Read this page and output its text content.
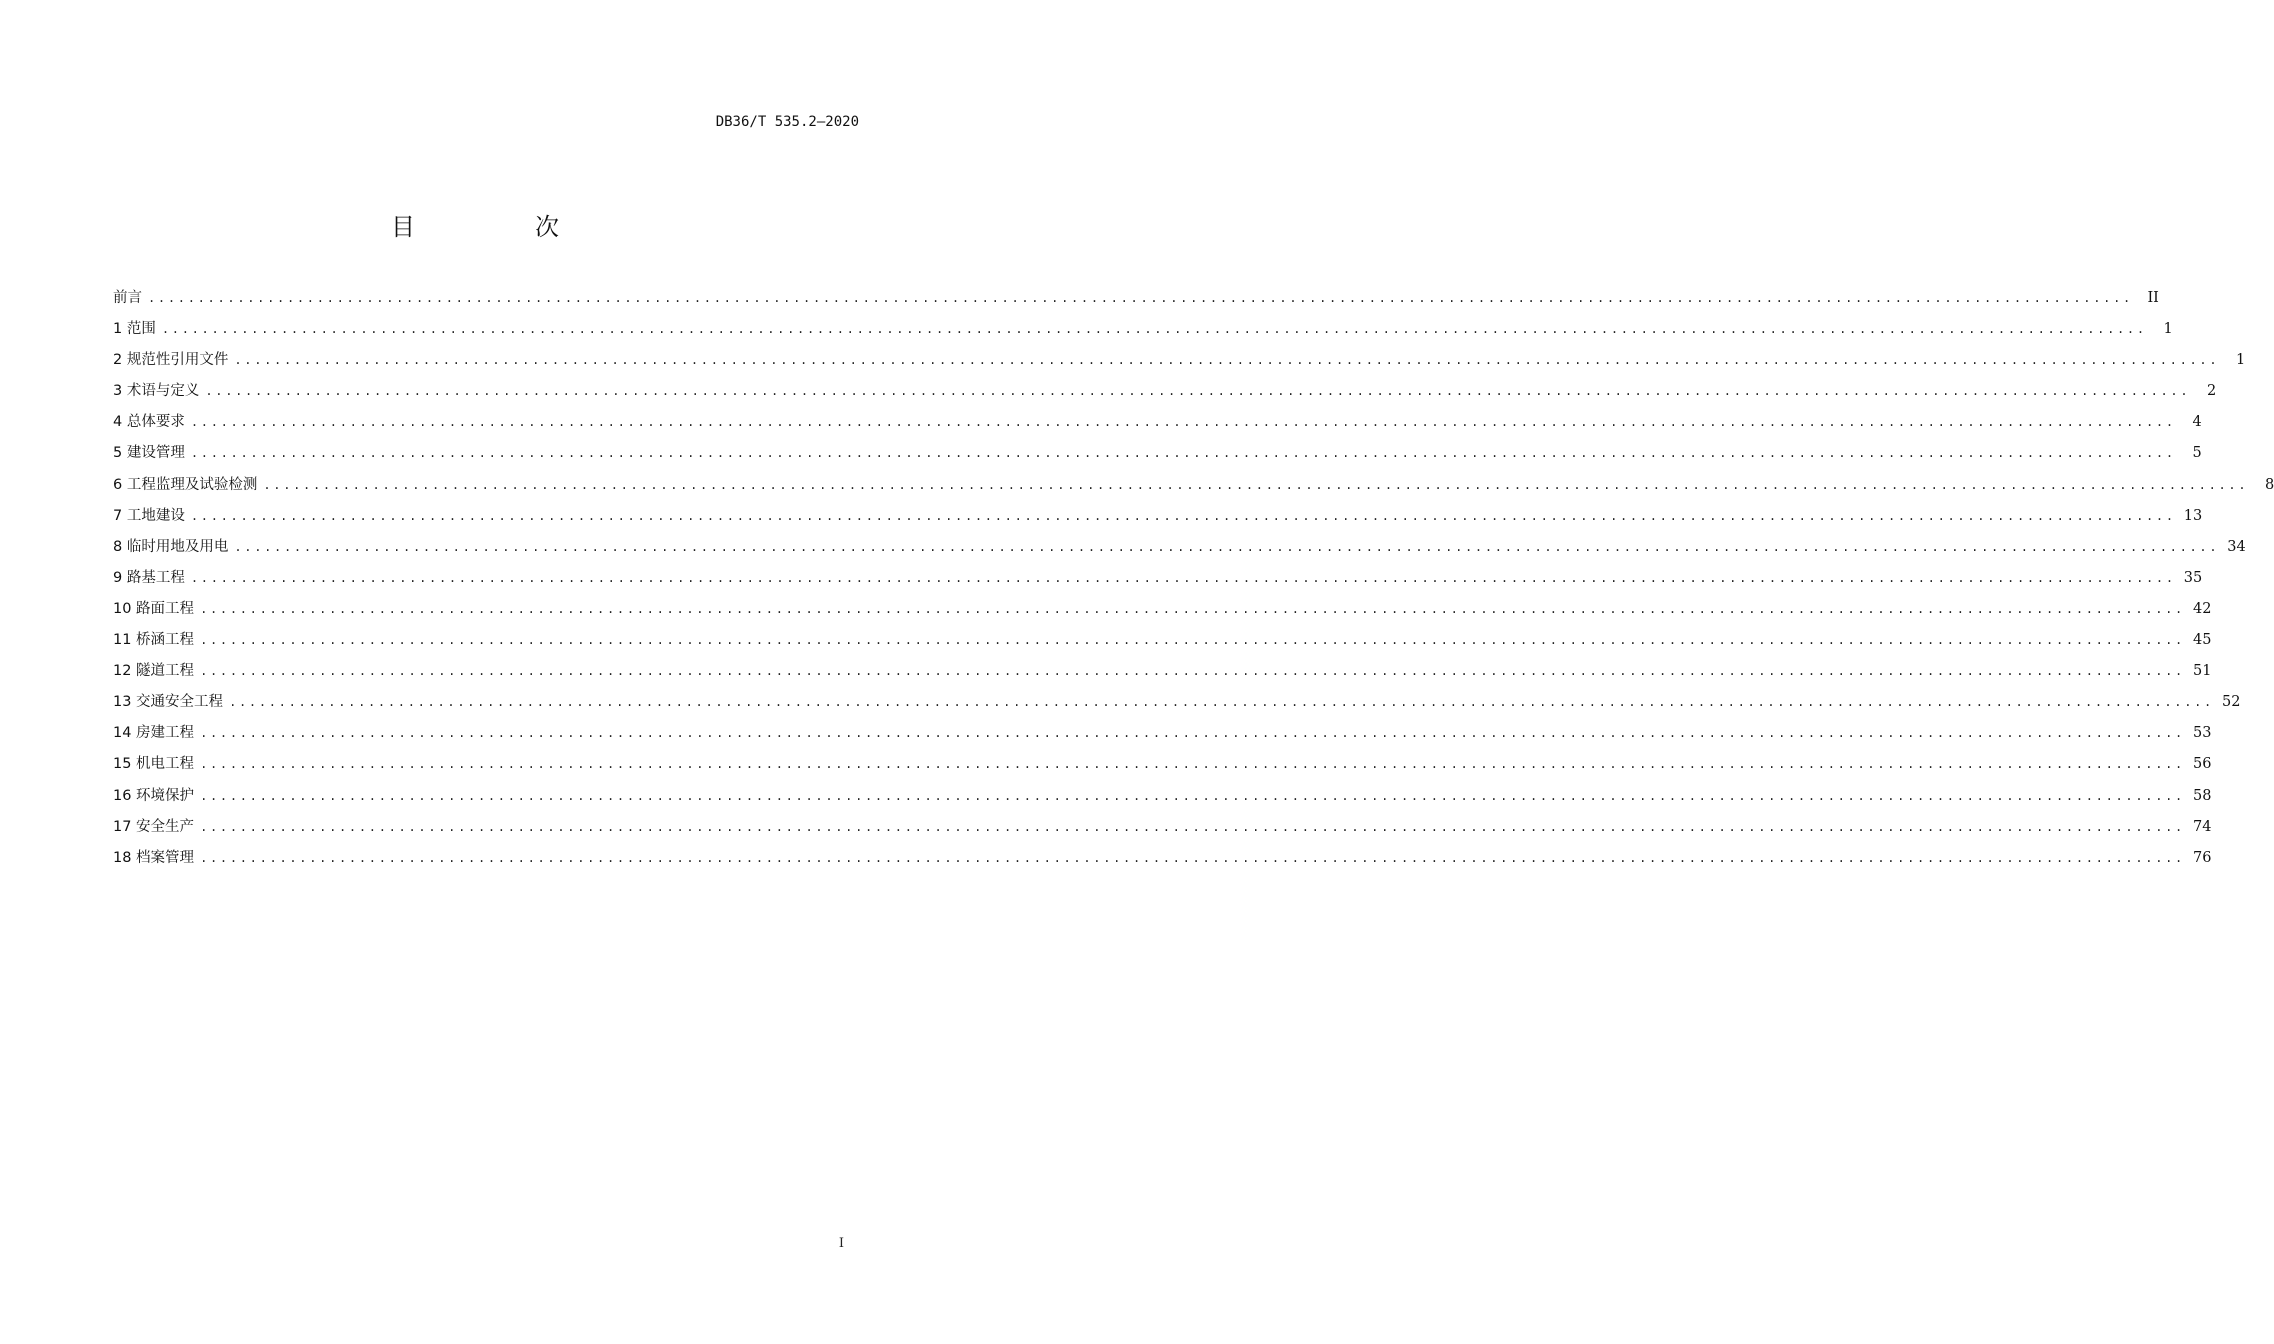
DB36/T 535.2—2020
目　次
前言 ........................................................................................................................................................................................................	II
1 范围 ........................................................................................................................................................................................................	1
2 规范性引用文件 ........................................................................................................................................................................................................	1
3 术语与定义 ........................................................................................................................................................................................................	2
4 总体要求 ........................................................................................................................................................................................................	4
5 建设管理 ........................................................................................................................................................................................................	5
6 工程监理及试验检测 ........................................................................................................................................................................................................	8
7 工地建设 ........................................................................................................................................................................................................ 13
8 临时用地及用电 ........................................................................................................................................................................................................ 34
9 路基工程 ........................................................................................................................................................................................................ 35
10 路面工程 ........................................................................................................................................................................................................ 42
11 桥涵工程 ........................................................................................................................................................................................................ 45
12 隧道工程 ........................................................................................................................................................................................................ 51
13 交通安全工程 ........................................................................................................................................................................................................ 52
14 房建工程 ........................................................................................................................................................................................................ 53
15 机电工程 ........................................................................................................................................................................................................ 56
16 环境保护 ........................................................................................................................................................................................................ 58
17 安全生产 ........................................................................................................................................................................................................ 74
18 档案管理 ........................................................................................................................................................................................................ 76
I
